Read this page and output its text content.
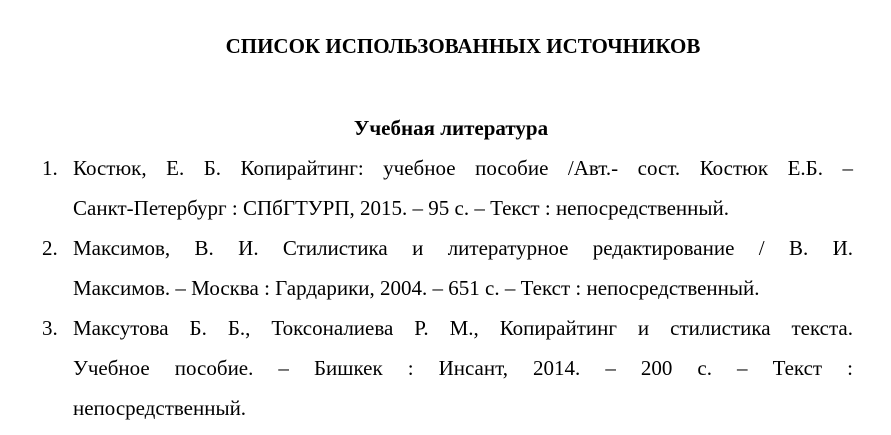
СПИСОК ИСПОЛЬЗОВАННЫХ ИСТОЧНИКОВ
Учебная литература
1. Костюк, Е. Б. Копирайтинг: учебное пособие /Авт.- сост. Костюк Е.Б. –
Санкт-Петербург : СПбГТУРП, 2015. – 95 с. – Текст : непосредственный.
2. Максимов, В. И. Стилистика и литературное редактирование / В. И.
Максимов. – Москва : Гардарики, 2004. – 651 с. – Текст : непосредственный.
3. Максутова Б. Б., Токсоналиева Р. М., Копирайтинг и стилистика текста.
Учебное пособие. – Бишкек : Инсант, 2014. – 200 с. – Текст :
непосредственный.
